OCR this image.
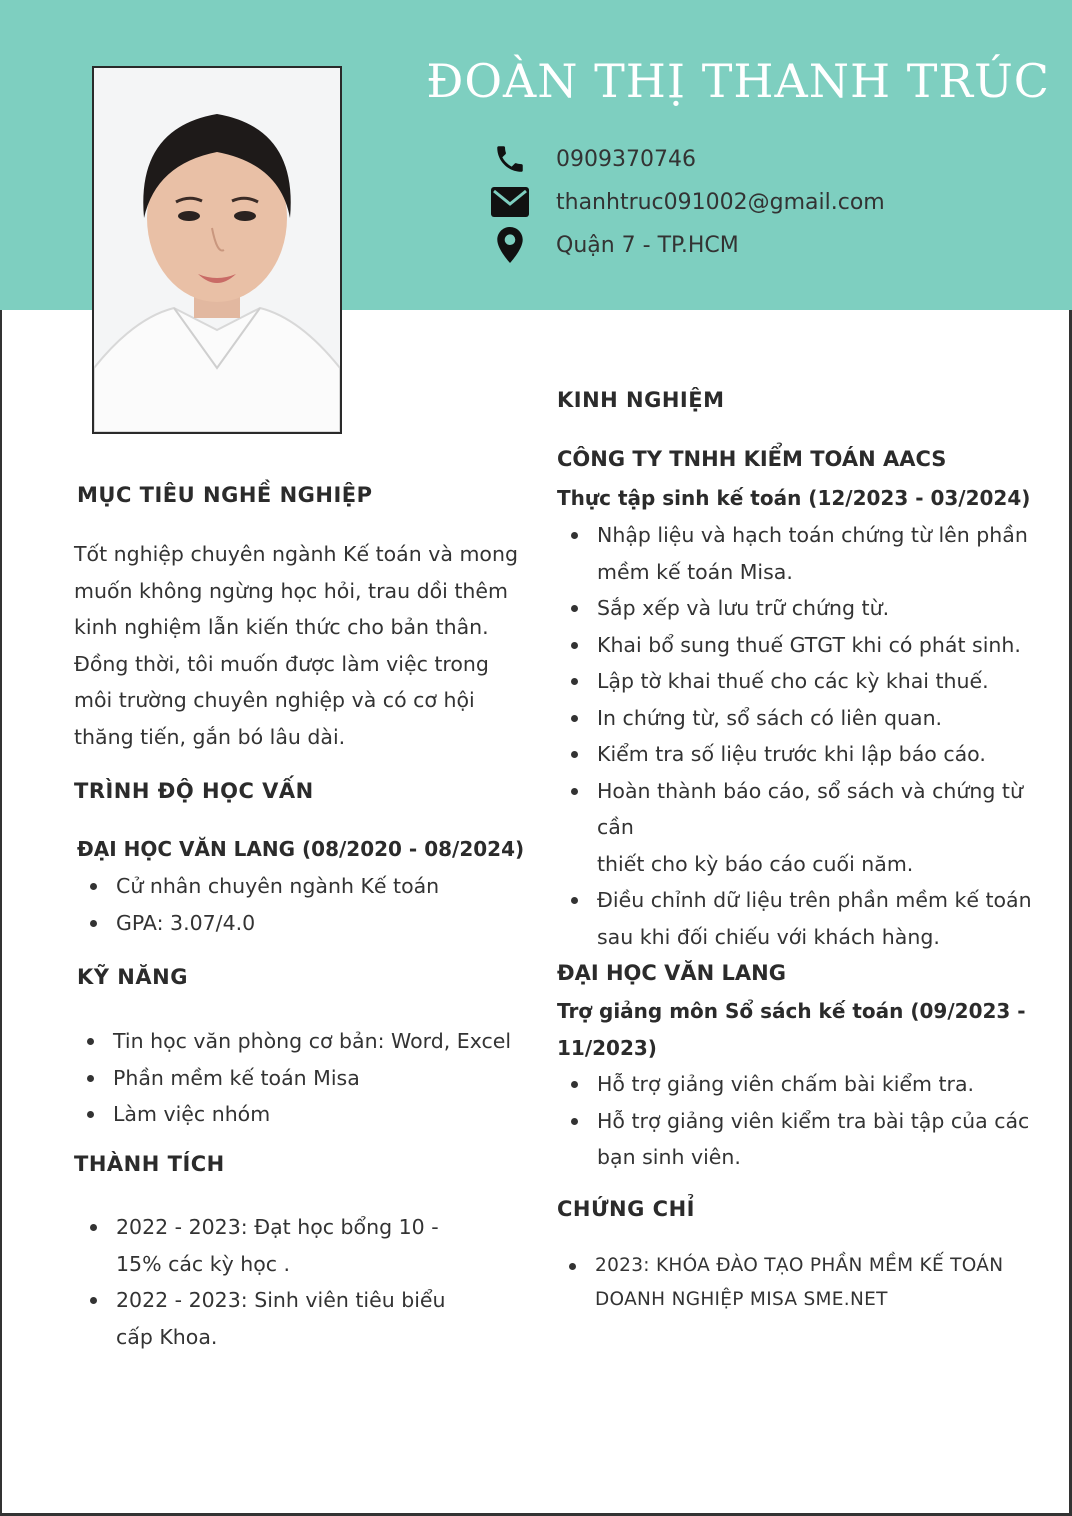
ĐOÀN THỊ THANH TRÚC
0909370746
thanhtruc091002@gmail.com
Quận 7 - TP.HCM
MỤC TIÊU NGHỀ NGHIỆP
Tốt nghiệp chuyên ngành Kế toán và mong
muốn không ngừng học hỏi, trau dồi thêm
kinh nghiệm lẫn kiến thức cho bản thân.
Đồng thời, tôi muốn được làm việc trong
môi trường chuyên nghiệp và có cơ hội
thăng tiến, gắn bó lâu dài.
TRÌNH ĐỘ HỌC VẤN
ĐẠI HỌC VĂN LANG (08/2020 - 08/2024)
Cử nhân chuyên ngành Kế toán
GPA: 3.07/4.0
KỸ NĂNG
Tin học văn phòng cơ bản: Word, Excel
Phần mềm kế toán Misa
Làm việc nhóm
THÀNH TÍCH
2022 - 2023: Đạt học bổng 10 -
15% các kỳ học .
2022 - 2023: Sinh viên tiêu biểu
cấp Khoa.
KINH NGHIỆM
CÔNG TY TNHH KIỂM TOÁN AACS
Thực tập sinh kế toán (12/2023 - 03/2024)
Nhập liệu và hạch toán chứng từ lên phần
mềm kế toán Misa.
Sắp xếp và lưu trữ chứng từ.
Khai bổ sung thuế GTGT khi có phát sinh.
Lập tờ khai thuế cho các kỳ khai thuế.
In chứng từ, sổ sách có liên quan.
Kiểm tra số liệu trước khi lập báo cáo.
Hoàn thành báo cáo, sổ sách và chứng từ cần
thiết cho kỳ báo cáo cuối năm.
Điều chỉnh dữ liệu trên phần mềm kế toán
sau khi đối chiếu với khách hàng.
ĐẠI HỌC VĂN LANG
Trợ giảng môn Sổ sách kế toán (09/2023 -
11/2023)
Hỗ trợ giảng viên chấm bài kiểm tra.
Hỗ trợ giảng viên kiểm tra bài tập của các
bạn sinh viên.
CHỨNG CHỈ
2023: KHÓA ĐÀO TẠO PHẦN MỀM KẾ TOÁN
DOANH NGHIỆP MISA SME.NET
